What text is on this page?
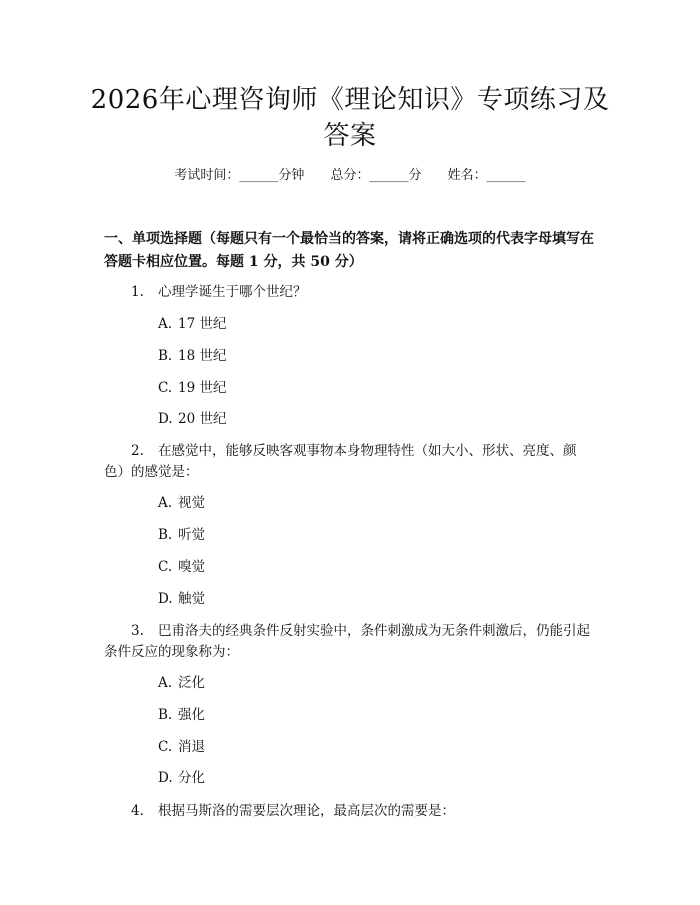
2026年心理咨询师《理论知识》专项练习及
答案
考试时间：______分钟 总分：______分 姓名：______
一、单项选择题（每题只有一个最恰当的答案，请将正确选项的代表字母填写在
答题卡相应位置。每题 1 分，共 50 分）
1. 心理学诞生于哪个世纪？
A. 17 世纪
B. 18 世纪
C. 19 世纪
D. 20 世纪
2. 在感觉中，能够反映客观事物本身物理特性（如大小、形状、亮度、颜
色）的感觉是：
A. 视觉
B. 听觉
C. 嗅觉
D. 触觉
3. 巴甫洛夫的经典条件反射实验中，条件刺激成为无条件刺激后，仍能引起
条件反应的现象称为：
A. 泛化
B. 强化
C. 消退
D. 分化
4. 根据马斯洛的需要层次理论，最高层次的需要是：
